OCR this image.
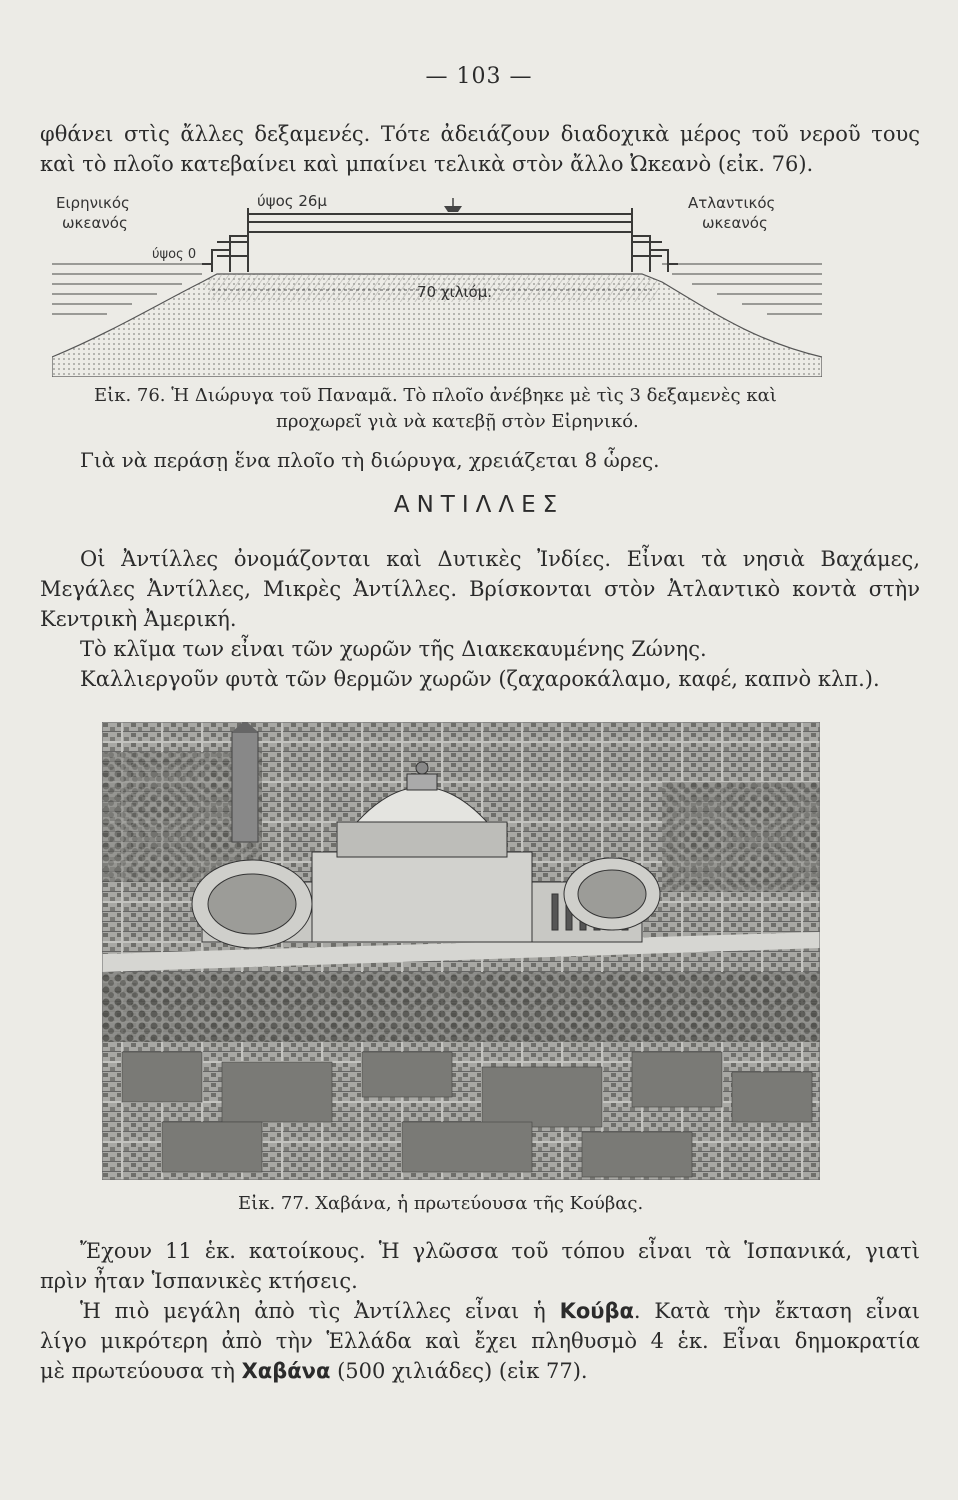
— 103 —
φθάνει στὶς ἄλλες δεξαμενές. Τότε ἀδειάζουν διαδοχικὰ μέρος τοῦ νεροῦ τους
καὶ τὸ πλοῖο κατεβαίνει καὶ μπαίνει τελικὰ στὸν ἄλλο Ὠκεανὸ (εἰκ. 76).
Ειρηνικός
ωκεανός
Ατλαντικός
ωκεανός
ύψος 26μ
ύψος 0
70 χιλιόμ.
Εἰκ. 76. Ἡ Διώρυγα τοῦ Παναμᾶ. Τὸ πλοῖο ἀνέβηκε μὲ τὶς 3 δεξαμενὲς καὶ
προχωρεῖ γιὰ νὰ κατεβῇ στὸν Εἰρηνικό.
Γιὰ νὰ περάσῃ ἕνα πλοῖο τὴ διώρυγα, χρειάζεται 8 ὧρες.
ΑΝΤΙΛΛΕΣ
Οἱ Ἀντίλλες ὀνομάζονται καὶ Δυτικὲς Ἰνδίες. Εἶναι τὰ νησιὰ Βαχάμες,
Μεγάλες Ἀντίλλες, Μικρὲς Ἀντίλλες. Βρίσκονται στὸν Ἀτλαντικὸ κοντὰ στὴν
Κεντρικὴ Ἀμερική.
Τὸ κλῖμα των εἶναι τῶν χωρῶν τῆς Διακεκαυμένης Ζώνης.
Καλλιεργοῦν φυτὰ τῶν θερμῶν χωρῶν (ζαχαροκάλαμο, καφέ, καπνὸ κλπ.).
Εἰκ. 77. Χαβάνα, ἡ πρωτεύουσα τῆς Κούβας.
Ἔχουν 11 ἑκ. κατοίκους. Ἡ γλῶσσα τοῦ τόπου εἶναι τὰ Ἱσπανικά, γιατὶ
πρὶν ἦταν Ἱσπανικὲς κτήσεις.
Ἡ πιὸ μεγάλη ἀπὸ τὶς Ἀντίλλες εἶναι ἡ Κούβα. Κατὰ τὴν ἔκταση εἶναι
λίγο μικρότερη ἀπὸ τὴν Ἑλλάδα καὶ ἔχει πληθυσμὸ 4 ἑκ. Εἶναι δημοκρατία
μὲ πρωτεύουσα τὴ Χαβάνα (500 χιλιάδες) (εἰκ 77).
